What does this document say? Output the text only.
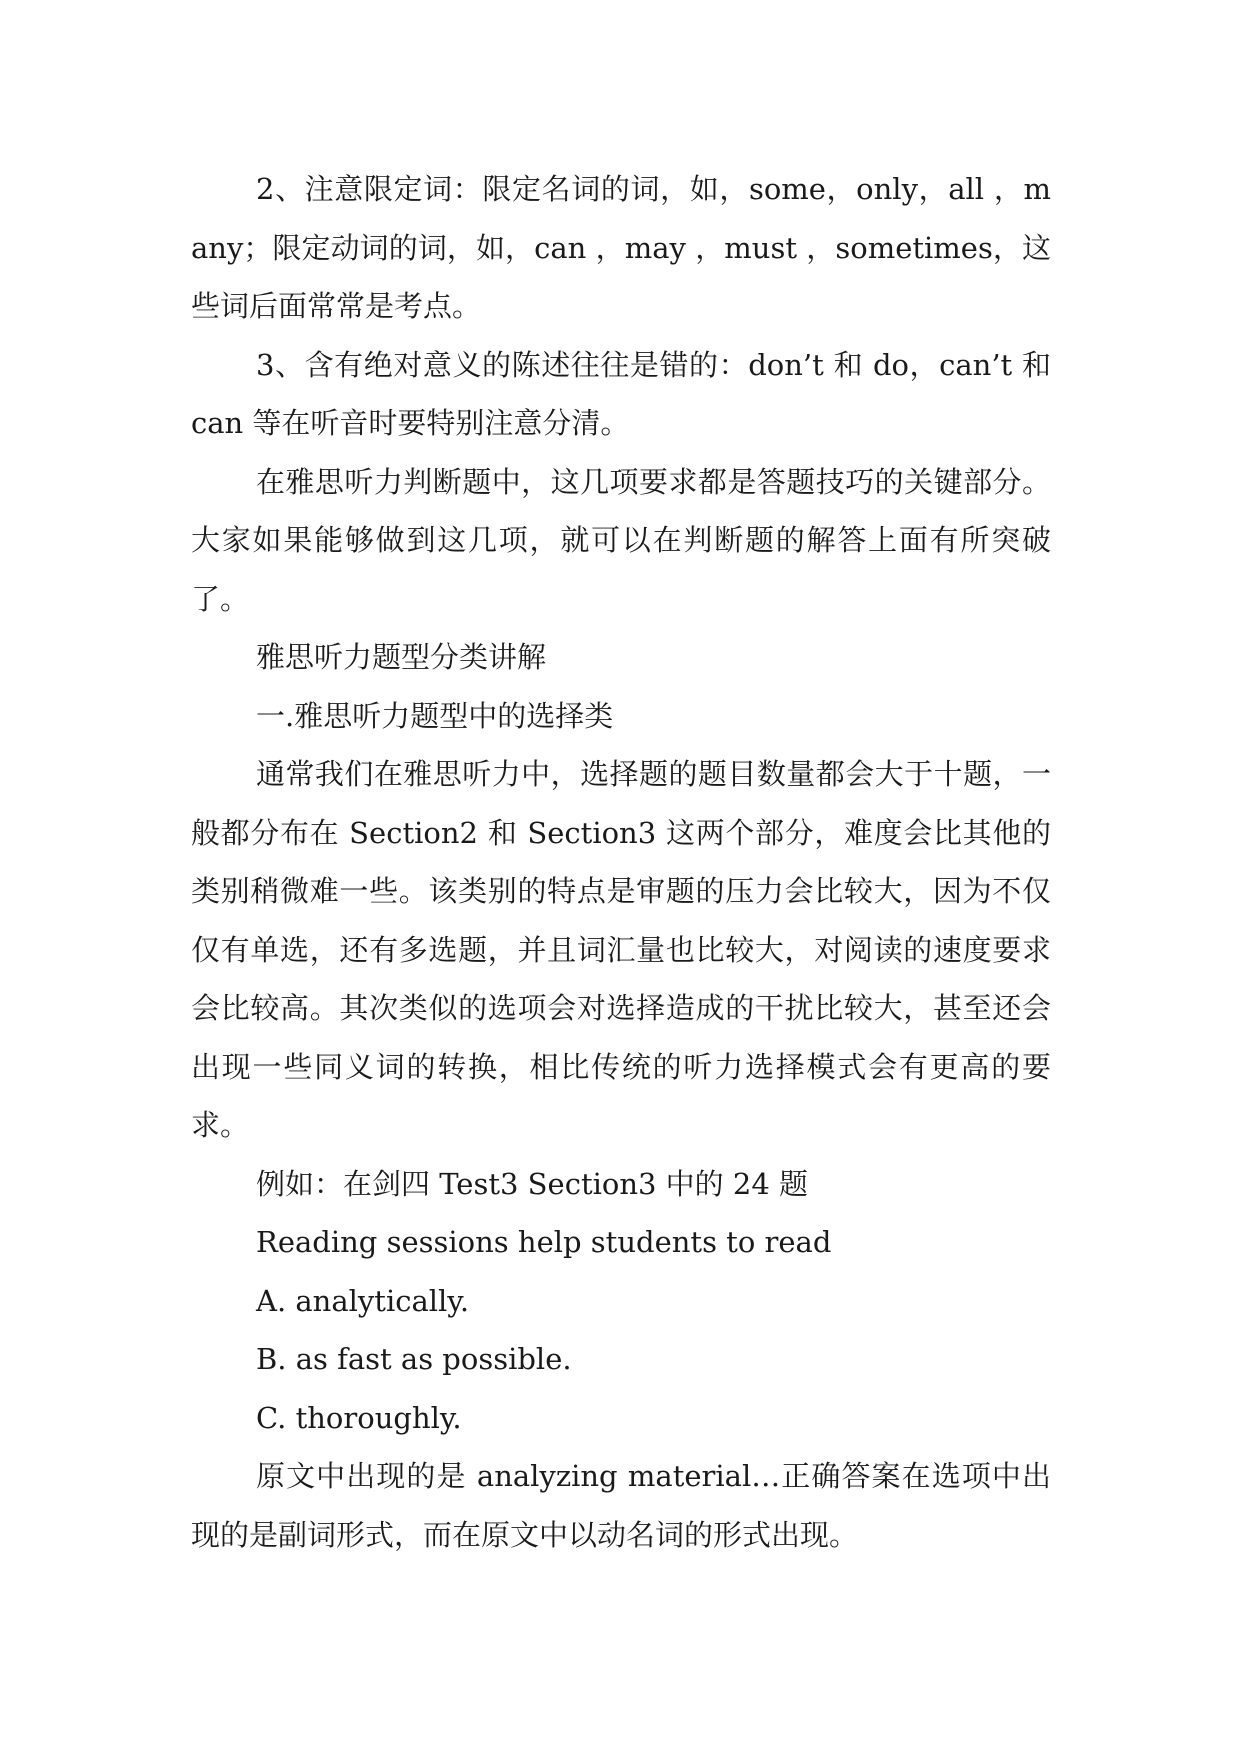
2、注意限定词：限定名词的词，如，some，only，all ，many；限定动词的词，如，can ，may ，must ，sometimes，这些词后面常常是考点。

3、含有绝对意义的陈述往往是错的：don’t 和 do，can’t 和 can 等在听音时要特别注意分清。

在雅思听力判断题中，这几项要求都是答题技巧的关键部分。大家如果能够做到这几项，就可以在判断题的解答上面有所突破了。

雅思听力题型分类讲解

一.雅思听力题型中的选择类

通常我们在雅思听力中，选择题的题目数量都会大于十题，一般都分布在 Section2 和 Section3 这两个部分，难度会比其他的类别稍微难一些。该类别的特点是审题的压力会比较大，因为不仅仅有单选，还有多选题，并且词汇量也比较大，对阅读的速度要求会比较高。其次类似的选项会对选择造成的干扰比较大，甚至还会出现一些同义词的转换，相比传统的听力选择模式会有更高的要求。

例如：在剑四 Test3 Section3 中的 24 题

Reading sessions help students to read

A. analytically.

B. as fast as possible.

C. thoroughly.

原文中出现的是 analyzing material…正确答案在选项中出现的是副词形式，而在原文中以动名词的形式出现。
